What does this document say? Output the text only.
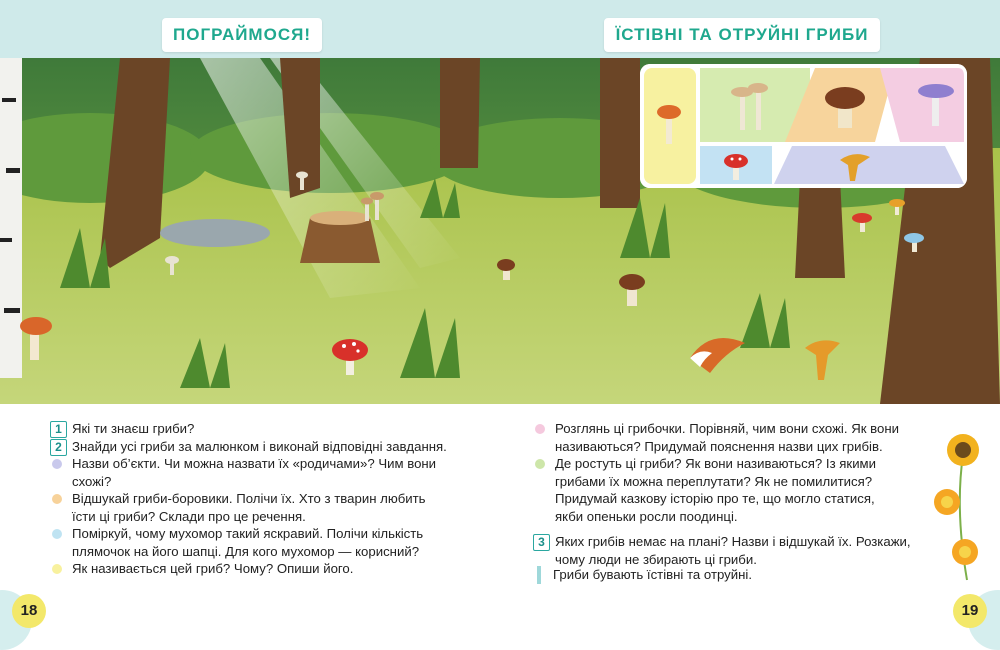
ПОГРАЙМОСЯ!	ЇСТІВНІ ТА ОТРУЙНІ ГРИБИ
1 Які ти знаєш гриби?
2 Знайди усі гриби за малюнком і виконай відповідні завдання.
Назви об’єкти. Чи можна назвати їх «родичами»? Чим вони
схожі?
Відшукай гриби-боровики. Полічи їх. Хто з тварин любить
їсти ці гриби? Склади про це речення.
Поміркуй, чому мухомор такий яскравий. Полічи кількість
плямочок на його шапці. Для кого мухомор — корисний?
Як називається цей гриб? Чому? Опиши його.
Розглянь ці грибочки. Порівняй, чим вони схожі. Як вони
називаються? Придумай пояснення назви цих грибів.
Де ростуть ці гриби? Як вони називаються? Із якими
грибами їх можна переплутати? Як не помилитися?
Придумай казкову історію про те, що могло статися,
якби опеньки росли поодинці.
3 Яких грибів немає на плані? Назви і відшукай їх. Розкажи,
чому люди не збирають ці гриби.
Гриби бувають їстівні та отруйні.
18	19
